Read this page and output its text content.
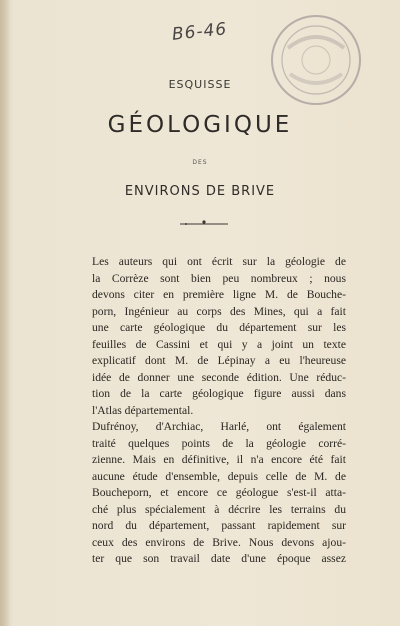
B6-46
ESQUISSE
GÉOLOGIQUE
DES
ENVIRONS DE BRIVE

Les auteurs qui ont écrit sur la géologie de
la Corrèze sont bien peu nombreux ; nous
devons citer en première ligne M. de Bouche-
porn, Ingénieur au corps des Mines, qui a fait
une carte géologique du département sur les
feuilles de Cassini et qui y a joint un texte
explicatif dont M. de Lépinay a eu l'heureuse
idée de donner une seconde édition. Une réduc-
tion de la carte géologique figure aussi dans
l'Atlas départemental.

Dufrénoy, d'Archiac, Harlé, ont également
traité quelques points de la géologie corré-
zienne. Mais en définitive, il n'a encore été fait
aucune étude d'ensemble, depuis celle de M. de
Boucheporn, et encore ce géologue s'est-il atta-
ché plus spécialement à décrire les terrains du
nord du département, passant rapidement sur
ceux des environs de Brive. Nous devons ajou-
ter que son travail date d'une époque assez
